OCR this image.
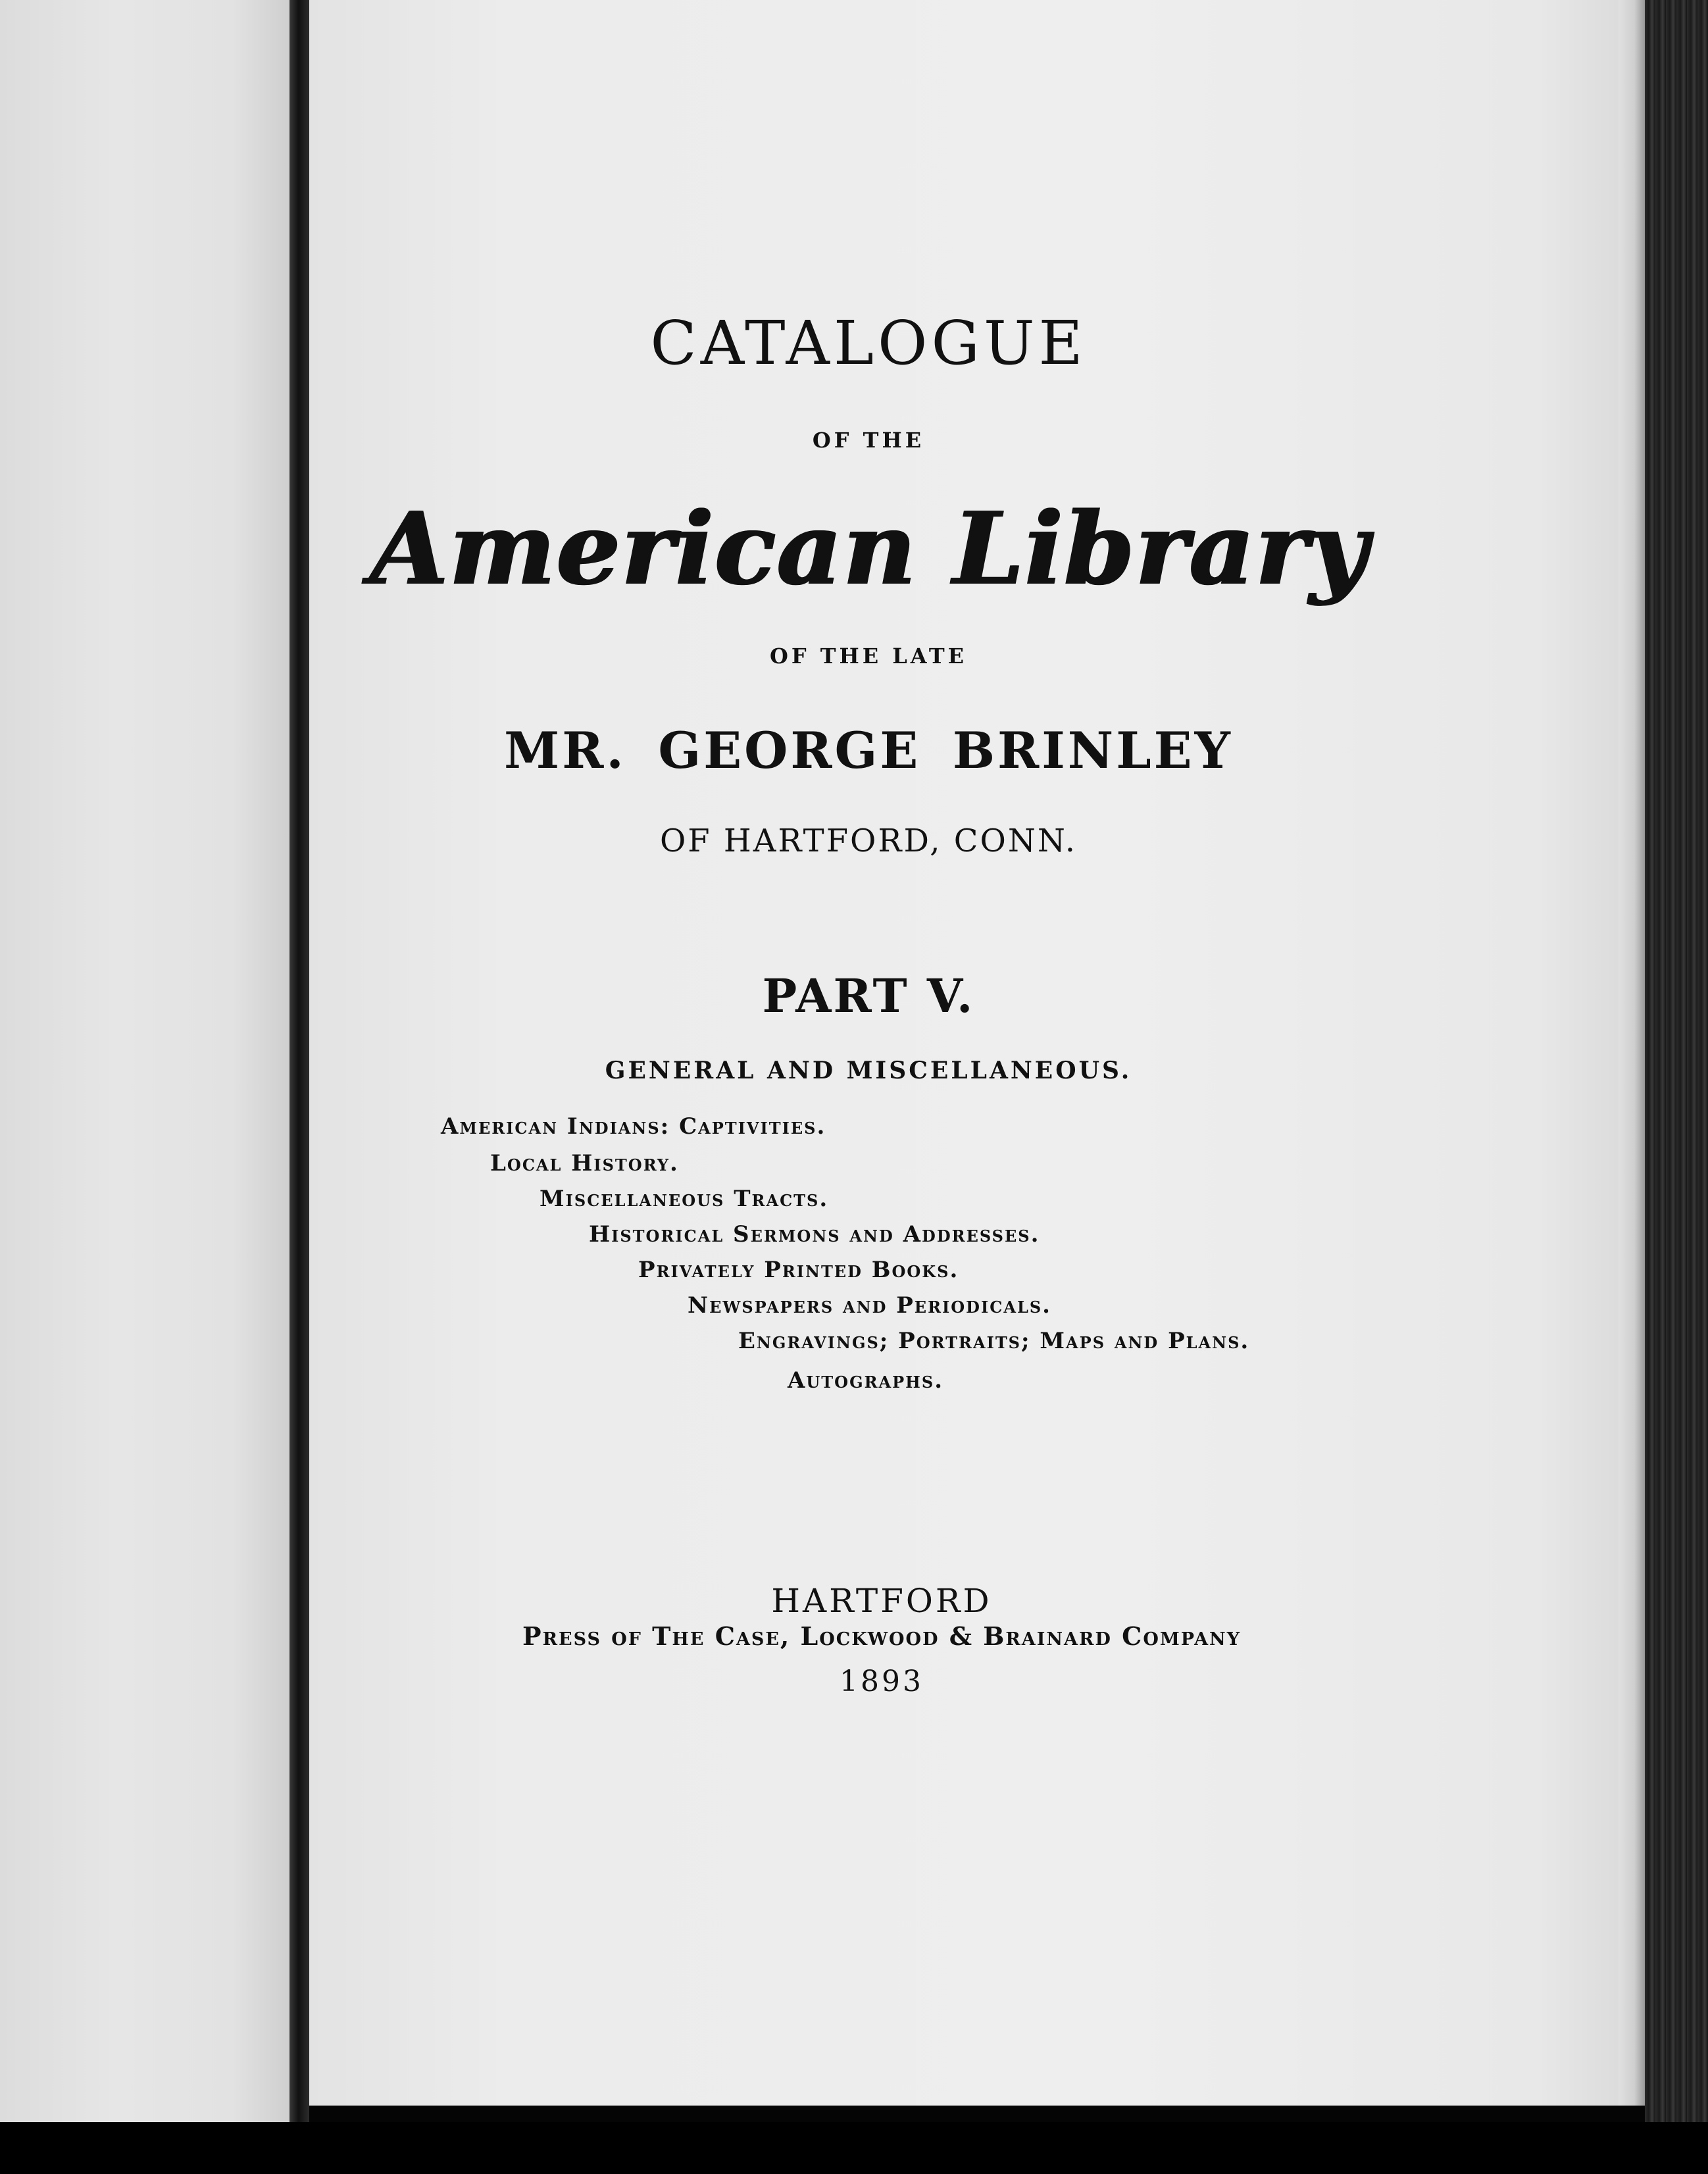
CATALOGUE
OF THE
American Library
OF THE LATE
MR. GEORGE BRINLEY
OF HARTFORD, CONN.
PART V.
GENERAL AND MISCELLANEOUS.
American Indians: Captivities.
Local History.
Miscellaneous Tracts.
Historical Sermons and Addresses.
Privately Printed Books.
Newspapers and Periodicals.
Engravings; Portraits; Maps and Plans.
Autographs.
HARTFORD
Press of The Case, Lockwood & Brainard Company
1893
